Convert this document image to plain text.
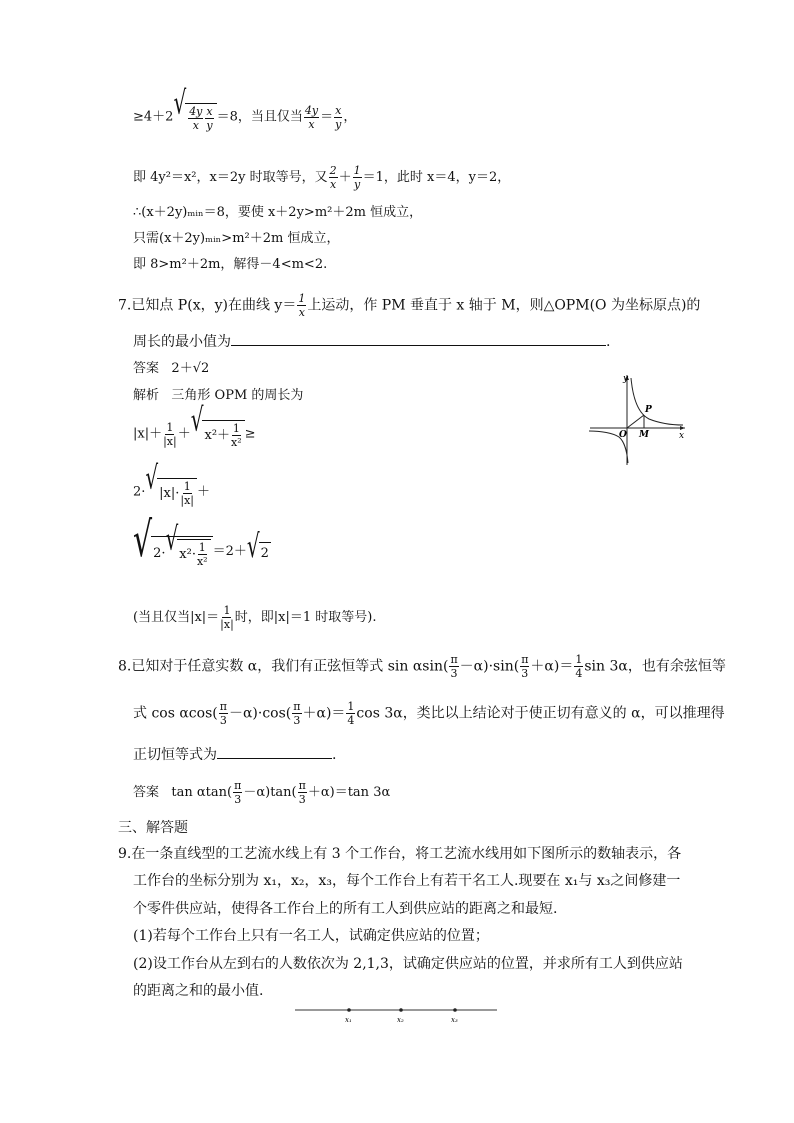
≥4＋2 √ $\frac{4y}{x} \frac{x}{y} =8$，当且仅当 $\frac{4y}{x} = \frac{x}{y}$ ，
即 4y²＝x²，x＝2y 时取等号，又 $\frac{2}{x} + \frac{1}{y} =1$，此时 x＝4，y＝2，
∴(x＋2y)ₘᵢₙ＝8，要使 x＋2y>m²＋2m 恒成立，
只需(x＋2y)ₘᵢₙ>m²＋2m 恒成立，
即 8>m²＋2m，解得－4<m<2.
7.已知点 P(x，y)在曲线 $y= \frac{1}{x}$ 上运动，作 PM 垂直于 x 轴于 M，则△OPM(O 为坐标原点)的
周长的最小值为	.
答案 2＋√2
解析 三角形 OPM 的周长为
$|x|+ \frac{1}{|x|}$ ＋ √ $x^2+ \frac{1}{\text{x²}}$ ≥
2· √ $|x|\cdot \frac{1}{|x|}$ ＋
√ 2· √ $x^2\cdot \frac{1}{\text{x²}} =2+$ √ 2
(当且仅当$|x|= \frac{1}{|x|}$ 时，即|x|＝1 时取等号).
y
x
O M
P
8.已知对于任意实数 α，我们有正弦恒等式 $\sin \alpha\sin( \frac{\pi}{3} -\alpha)\cdot\sin( \frac{\pi}{3} +\alpha)= \frac{1}{4}$ sin 3α，也有余弦恒等
式 $\cos \alpha\cos( \frac{\pi}{3} -\alpha)\cdot\cos( \frac{\pi}{3} +\alpha)= \frac{1}{4}$ cos 3α，类比以上结论对于使正切有意义的 α，可以推理得
正切恒等式为	.
答案 $\tan \alpha\tan( \frac{\pi}{3} -\alpha)\tan( \frac{\pi}{3} +\alpha)=\tan$ 3α
三、解答题
9.在一条直线型的工艺流水线上有 3 个工作台，将工艺流水线用如下图所示的数轴表示，各
工作台的坐标分别为 x₁，x₂，x₃，每个工作台上有若干名工人.现要在 x₁与 x₃之间修建一
个零件供应站，使得各工作台上的所有工人到供应站的距离之和最短.
(1)若每个工作台上只有一名工人，试确定供应站的位置；
(2)设工作台从左到右的人数依次为 2,1,3，试确定供应站的位置，并求所有工人到供应站
的距离之和的最小值.
x₁	x₂	x₃
